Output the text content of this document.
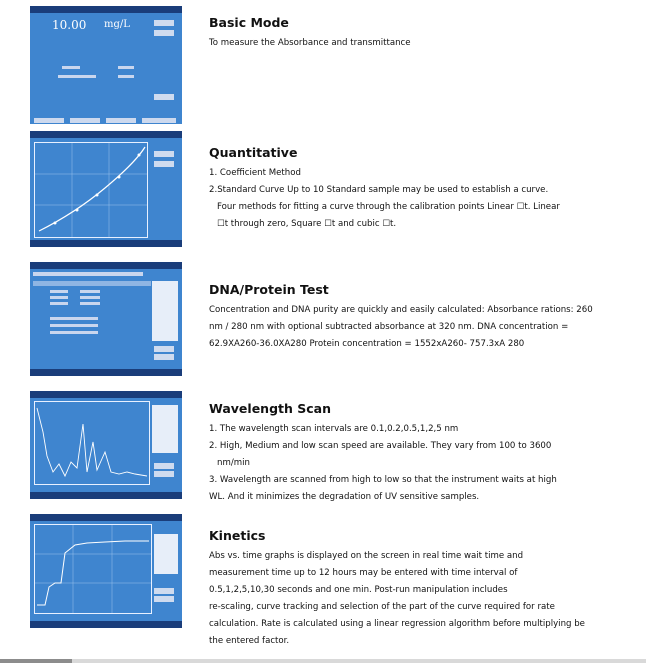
10.00 mg/L	Basic Mode

To measure the Absorbance and transmittance

Quantitative

1. Coefficient Method

2.Standard Curve Up to 10 Standard sample may be used to establish a curve.

Four methods for fitting a curve through the calibration points Linear ☐t. Linear

☐t through zero, Square ☐t and cubic ☐t.

DNA/Protein Test

Concentration and DNA purity are quickly and easily calculated: Absorbance rations: 260

nm / 280 nm with optional subtracted absorbance at 320 nm. DNA concentration =

62.9XA260-36.0XA280 Protein concentration = 1552xA260- 757.3xA 280

Wavelength Scan

1. The wavelength scan intervals are 0.1,0.2,0.5,1,2,5 nm

2. High, Medium and low scan speed are available. They vary from 100 to 3600

nm/min

3. Wavelength are scanned from high to low so that the instrument waits at high

WL. And it minimizes the degradation of UV sensitive samples.

Kinetics

Abs vs. time graphs is displayed on the screen in real time wait time and

measurement time up to 12 hours may be entered with time interval of

0.5,1,2,5,10,30 seconds and one min. Post-run manipulation includes

re-scaling, curve tracking and selection of the part of the curve required for rate

calculation. Rate is calculated using a linear regression algorithm before multiplying be

the entered factor.
